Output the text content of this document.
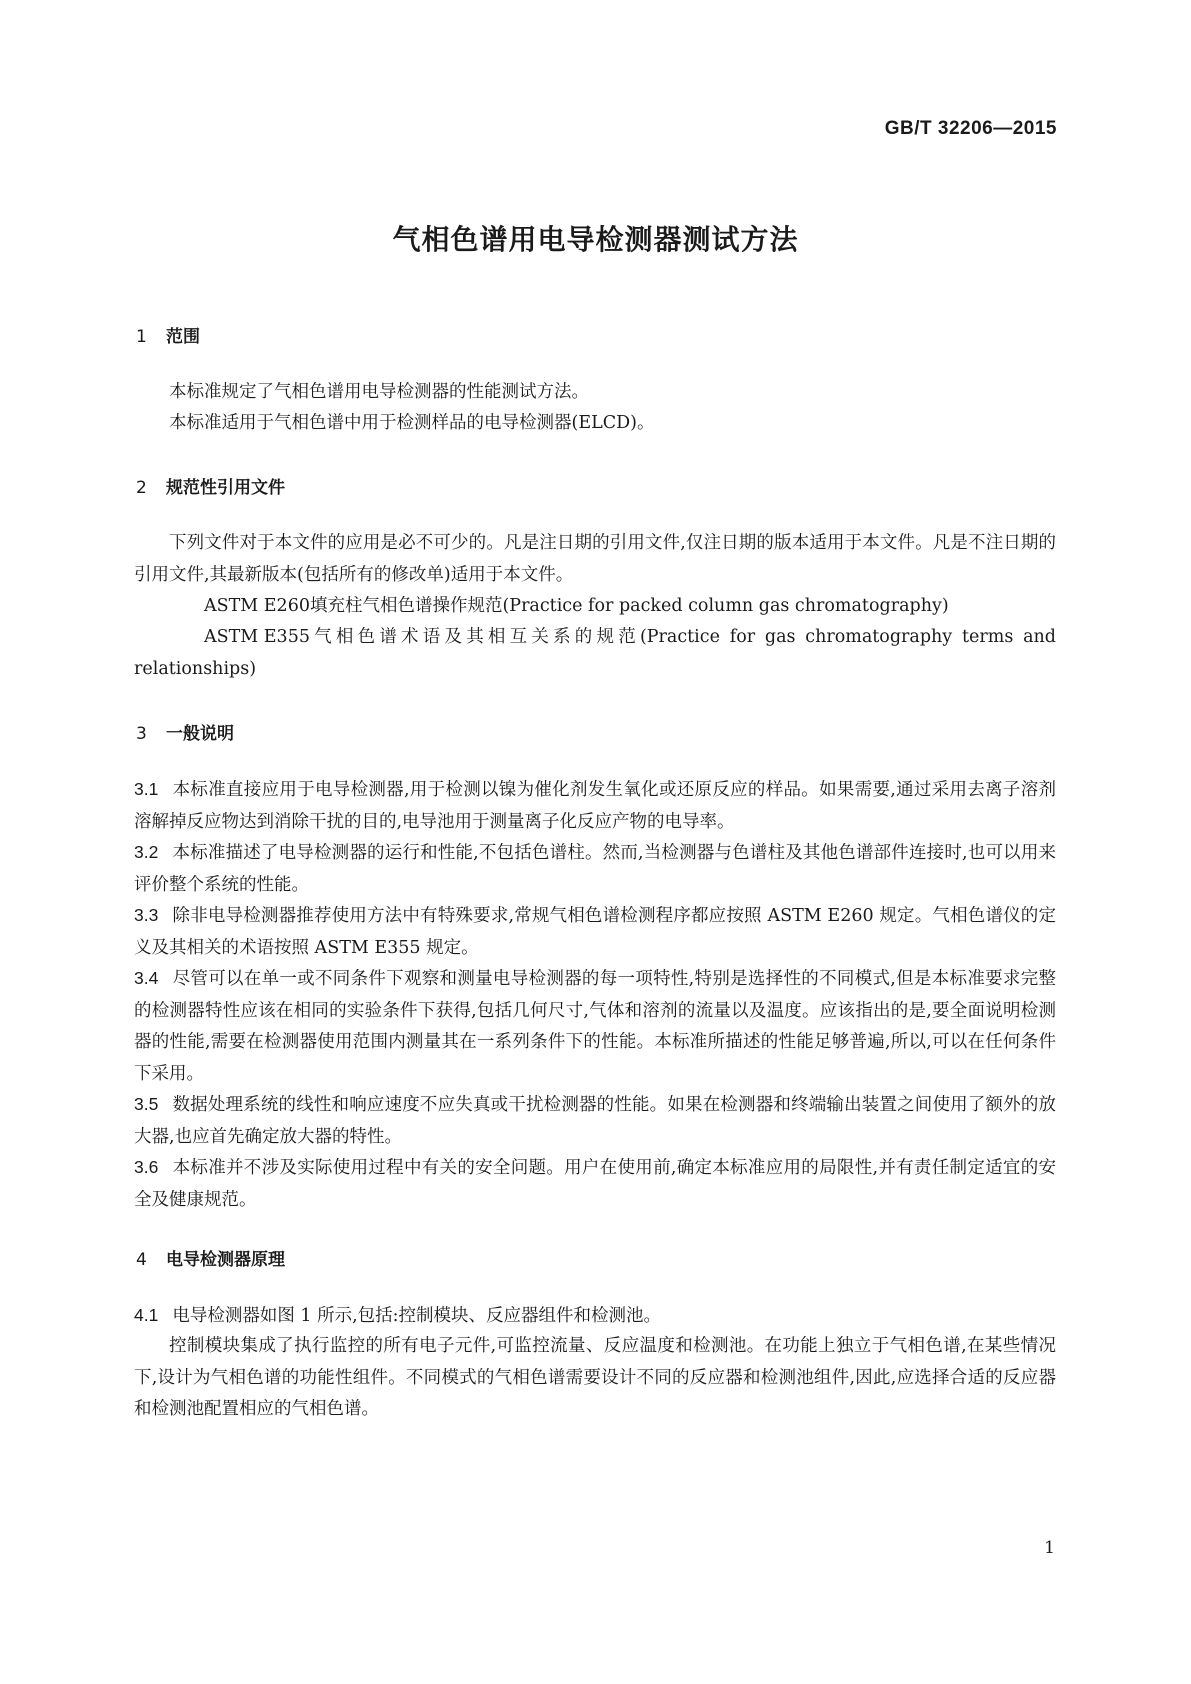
GB/T 32206—2015
气相色谱用电导检测器测试方法
1 范围
本标准规定了气相色谱用电导检测器的性能测试方法。
本标准适用于气相色谱中用于检测样品的电导检测器(ELCD)。
2 规范性引用文件
下列文件对于本文件的应用是必不可少的。凡是注日期的引用文件,仅注日期的版本适用于本文件。凡是不注日期的引用文件,其最新版本(包括所有的修改单)适用于本文件。
ASTM E260填充柱气相色谱操作规范(Practice for packed column gas chromatography)
ASTM E355气相色谱术语及其相互关系的规范(Practice for gas chromatography terms and relationships)
3 一般说明
3.1 本标准直接应用于电导检测器,用于检测以镍为催化剂发生氧化或还原反应的样品。如果需要,通过采用去离子溶剂溶解掉反应物达到消除干扰的目的,电导池用于测量离子化反应产物的电导率。
3.2 本标准描述了电导检测器的运行和性能,不包括色谱柱。然而,当检测器与色谱柱及其他色谱部件连接时,也可以用来评价整个系统的性能。
3.3 除非电导检测器推荐使用方法中有特殊要求,常规气相色谱检测程序都应按照 ASTM E260 规定。气相色谱仪的定义及其相关的术语按照 ASTM E355 规定。
3.4 尽管可以在单一或不同条件下观察和测量电导检测器的每一项特性,特别是选择性的不同模式,但是本标准要求完整的检测器特性应该在相同的实验条件下获得,包括几何尺寸,气体和溶剂的流量以及温度。应该指出的是,要全面说明检测器的性能,需要在检测器使用范围内测量其在一系列条件下的性能。本标准所描述的性能足够普遍,所以,可以在任何条件下采用。
3.5 数据处理系统的线性和响应速度不应失真或干扰检测器的性能。如果在检测器和终端输出装置之间使用了额外的放大器,也应首先确定放大器的特性。
3.6 本标准并不涉及实际使用过程中有关的安全问题。用户在使用前,确定本标准应用的局限性,并有责任制定适宜的安全及健康规范。
4 电导检测器原理
4.1 电导检测器如图 1 所示,包括:控制模块、反应器组件和检测池。
控制模块集成了执行监控的所有电子元件,可监控流量、反应温度和检测池。在功能上独立于气相色谱,在某些情况下,设计为气相色谱的功能性组件。不同模式的气相色谱需要设计不同的反应器和检测池组件,因此,应选择合适的反应器和检测池配置相应的气相色谱。
1
